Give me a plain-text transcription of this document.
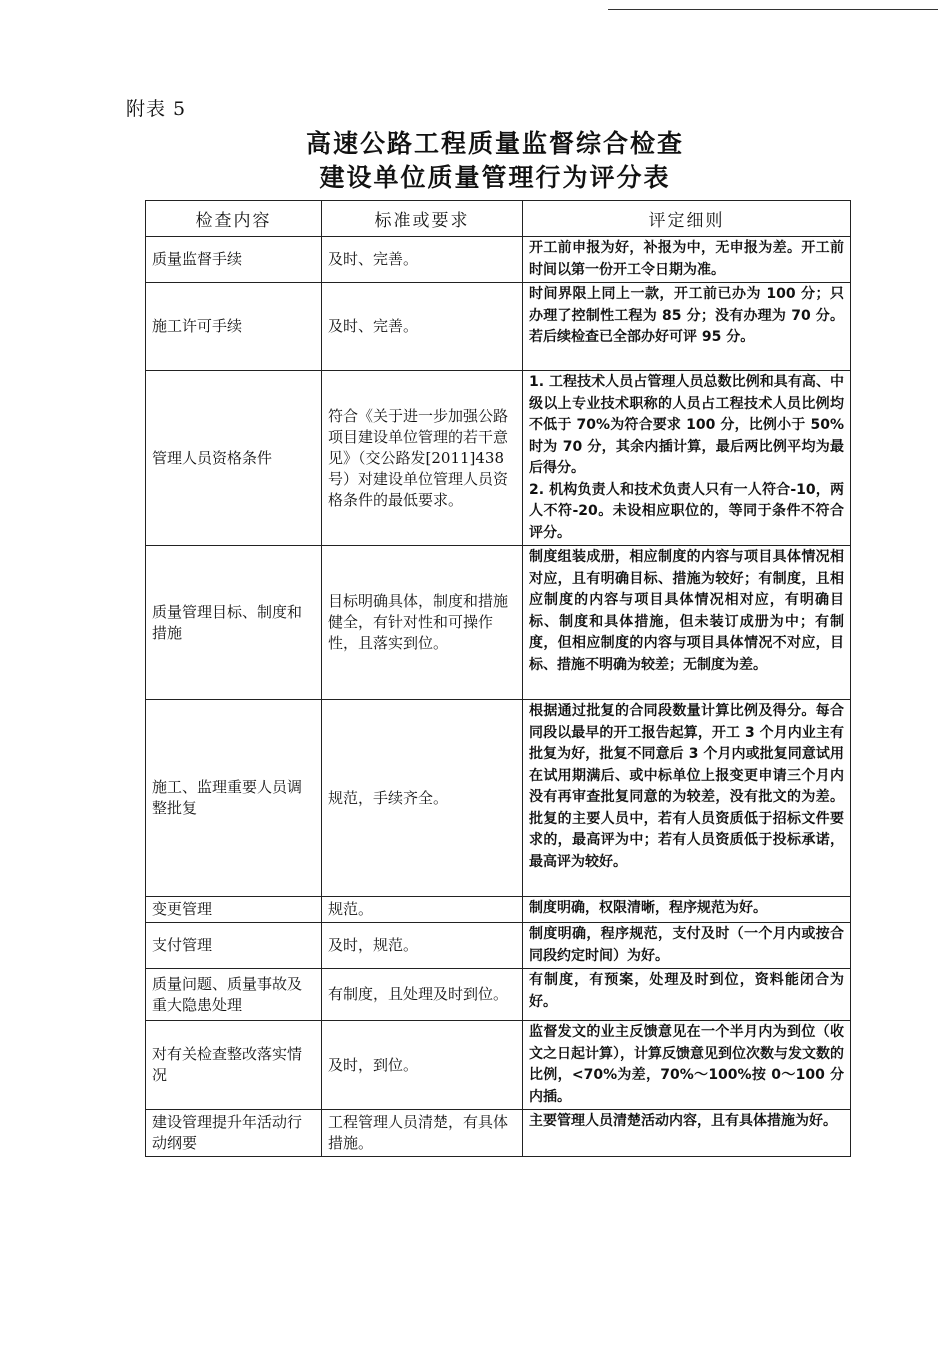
附表 5
高速公路工程质量监督综合检查
建设单位质量管理行为评分表
检查内容	标准或要求	评定细则
质量监督手续	及时、完善。	开工前申报为好，补报为中，无申报为差。开工前时间以第一份开工令日期为准。
施工许可手续	及时、完善。	时间界限上同上一款，开工前已办为 100 分；只办理了控制性工程为 85 分；没有办理为 70 分。若后续检查已全部办好可评 95 分。
管理人员资格条件	符合《关于进一步加强公路项目建设单位管理的若干意见》（交公路发[2011]438 号）对建设单位管理人员资格条件的最低要求。	1. 工程技术人员占管理人员总数比例和具有高、中级以上专业技术职称的人员占工程技术人员比例均不低于 70%为符合要求 100 分，比例小于 50%时为 70 分，其余内插计算，最后两比例平均为最后得分。
2. 机构负责人和技术负责人只有一人符合-10，两人不符-20。未设相应职位的，等同于条件不符合评分。
质量管理目标、制度和措施	目标明确具体，制度和措施健全，有针对性和可操作性，且落实到位。	制度组装成册，相应制度的内容与项目具体情况相对应，且有明确目标、措施为较好；有制度，且相应制度的内容与项目具体情况相对应，有明确目标、制度和具体措施，但未装订成册为中；有制度，但相应制度的内容与项目具体情况不对应，目标、措施不明确为较差；无制度为差。
施工、监理重要人员调整批复	规范，手续齐全。	根据通过批复的合同段数量计算比例及得分。每合同段以最早的开工报告起算，开工 3 个月内业主有批复为好，批复不同意后 3 个月内或批复同意试用在试用期满后、或中标单位上报变更申请三个月内没有再审查批复同意的为较差，没有批文的为差。批复的主要人员中，若有人员资质低于招标文件要求的，最高评为中；若有人员资质低于投标承诺，最高评为较好。
变更管理	规范。	制度明确，权限清晰，程序规范为好。
支付管理	及时，规范。	制度明确，程序规范，支付及时（一个月内或按合同段约定时间）为好。
质量问题、质量事故及重大隐患处理	有制度，且处理及时到位。	有制度，有预案，处理及时到位，资料能闭合为好。
对有关检查整改落实情况	及时，到位。	监督发文的业主反馈意见在一个半月内为到位（收文之日起计算），计算反馈意见到位次数与发文数的比例，<70%为差，70%～100%按 0～100 分内插。
建设管理提升年活动行动纲要	工程管理人员清楚，有具体措施。	主要管理人员清楚活动内容，且有具体措施为好。
